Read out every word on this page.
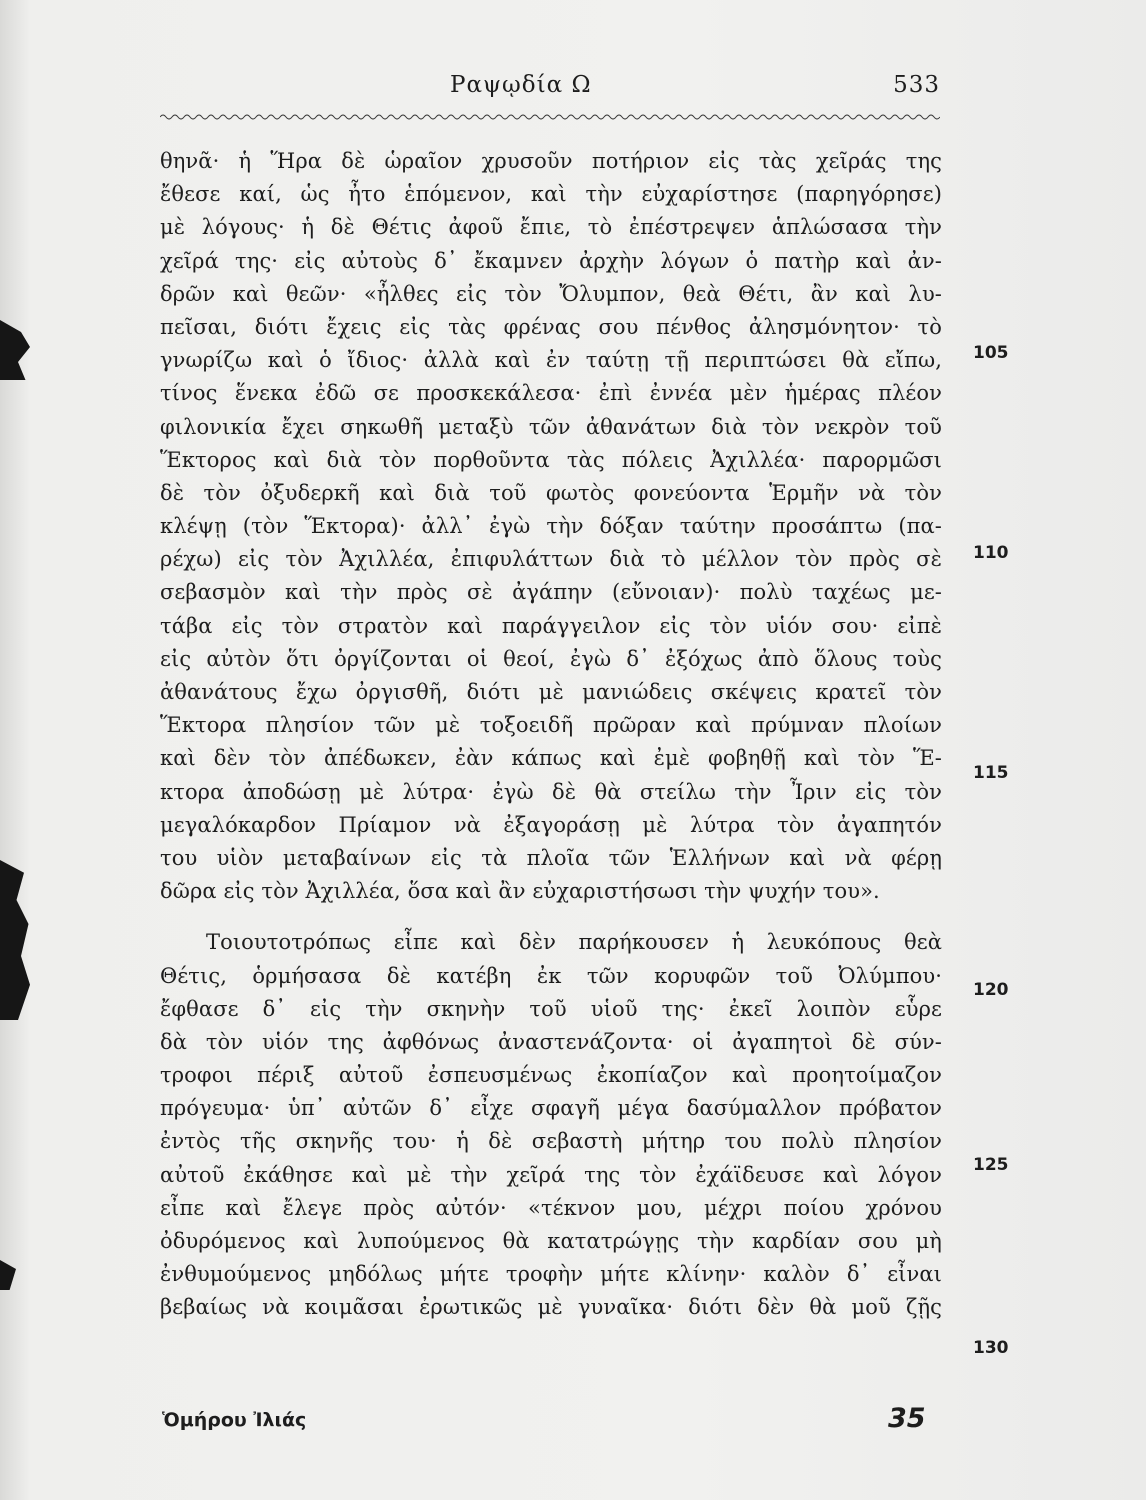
Ραψῳδία Ω	533
θηνᾶ· ἡ Ἥρα δὲ ὡραῖον χρυσοῦν ποτήριον εἰς τὰς χεῖράς της
ἔθεσε καί, ὡς ἦτο ἑπόμενον, καὶ τὴν εὐχαρίστησε (παρηγόρησε)
μὲ λόγους· ἡ δὲ Θέτις ἀφοῦ ἔπιε, τὸ ἐπέστρεψεν ἁπλώσασα τὴν
χεῖρά της· εἰς αὐτοὺς δ᾽ ἔκαμνεν ἀρχὴν λόγων ὁ πατὴρ καὶ ἀν-
δρῶν καὶ θεῶν· «ἦλθες εἰς τὸν Ὄλυμπον, θεὰ Θέτι, ἂν καὶ λυ-
πεῖσαι, διότι ἔχεις εἰς τὰς φρένας σου πένθος ἀλησμόνητον· τὸ
γνωρίζω καὶ ὁ ἴδιος· ἀλλὰ καὶ ἐν ταύτῃ τῇ περιπτώσει θὰ εἴπω,
τίνος ἕνεκα ἐδῶ σε προσκεκάλεσα· ἐπὶ ἐννέα μὲν ἡμέρας πλέον
φιλονικία ἔχει σηκωθῆ μεταξὺ τῶν ἀθανάτων διὰ τὸν νεκρὸν τοῦ
Ἕκτορος καὶ διὰ τὸν πορθοῦντα τὰς πόλεις Ἀχιλλέα· παρορμῶσι
δὲ τὸν ὀξυδερκῆ καὶ διὰ τοῦ φωτὸς φονεύοντα Ἑρμῆν νὰ τὸν
κλέψῃ (τὸν Ἕκτορα)· ἀλλ᾽ ἐγὼ τὴν δόξαν ταύτην προσάπτω (πα-
ρέχω) εἰς τὸν Ἀχιλλέα, ἐπιφυλάττων διὰ τὸ μέλλον τὸν πρὸς σὲ
σεβασμὸν καὶ τὴν πρὸς σὲ ἀγάπην (εὔνοιαν)· πολὺ ταχέως με-
τάβα εἰς τὸν στρατὸν καὶ παράγγειλον εἰς τὸν υἱόν σου· εἰπὲ
εἰς αὐτὸν ὅτι ὀργίζονται οἱ θεοί, ἐγὼ δ᾽ ἐξόχως ἀπὸ ὅλους τοὺς
ἀθανάτους ἔχω ὀργισθῆ, διότι μὲ μανιώδεις σκέψεις κρατεῖ τὸν
Ἕκτορα πλησίον τῶν μὲ τοξοειδῆ πρῶραν καὶ πρύμναν πλοίων
καὶ δὲν τὸν ἀπέδωκεν, ἐὰν κάπως καὶ ἐμὲ φοβηθῇ καὶ τὸν Ἕ-
κτορα ἀποδώσῃ μὲ λύτρα· ἐγὼ δὲ θὰ στείλω τὴν Ἶριν εἰς τὸν
μεγαλόκαρδον Πρίαμον νὰ ἐξαγοράσῃ μὲ λύτρα τὸν ἀγαπητόν
του υἱὸν μεταβαίνων εἰς τὰ πλοῖα τῶν Ἑλλήνων καὶ νὰ φέρῃ
δῶρα εἰς τὸν Ἀχιλλέα, ὅσα καὶ ἂν εὐχαριστήσωσι τὴν ψυχήν του».
Τοιουτοτρόπως εἶπε καὶ δὲν παρήκουσεν ἡ λευκόπους θεὰ
Θέτις, ὁρμήσασα δὲ κατέβη ἐκ τῶν κορυφῶν τοῦ Ὀλύμπου·
ἔφθασε δ᾽ εἰς τὴν σκηνὴν τοῦ υἱοῦ της· ἐκεῖ λοιπὸν εὗρε
δὰ τὸν υἱόν της ἀφθόνως ἀναστενάζοντα· οἱ ἀγαπητοὶ δὲ σύν-
τροφοι πέριξ αὐτοῦ ἐσπευσμένως ἐκοπίαζον καὶ προητοίμαζον
πρόγευμα· ὑπ᾽ αὐτῶν δ᾽ εἶχε σφαγῆ μέγα δασύμαλλον πρόβατον
ἐντὸς τῆς σκηνῆς του· ἡ δὲ σεβαστὴ μήτηρ του πολὺ πλησίον
αὐτοῦ ἐκάθησε καὶ μὲ τὴν χεῖρά της τὸν ἐχάϊδευσε καὶ λόγον
εἶπε καὶ ἔλεγε πρὸς αὐτόν· «τέκνον μου, μέχρι ποίου χρόνου
ὀδυρόμενος καὶ λυπούμενος θὰ κατατρώγῃς τὴν καρδίαν σου μὴ
ἐνθυμούμενος μηδόλως μήτε τροφὴν μήτε κλίνην· καλὸν δ᾽ εἶναι
βεβαίως νὰ κοιμᾶσαι ἐρωτικῶς μὲ γυναῖκα· διότι δὲν θὰ μοῦ ζῇς
105
110
115
120
125
130
Ὁμήρου Ἰλιάς	35
